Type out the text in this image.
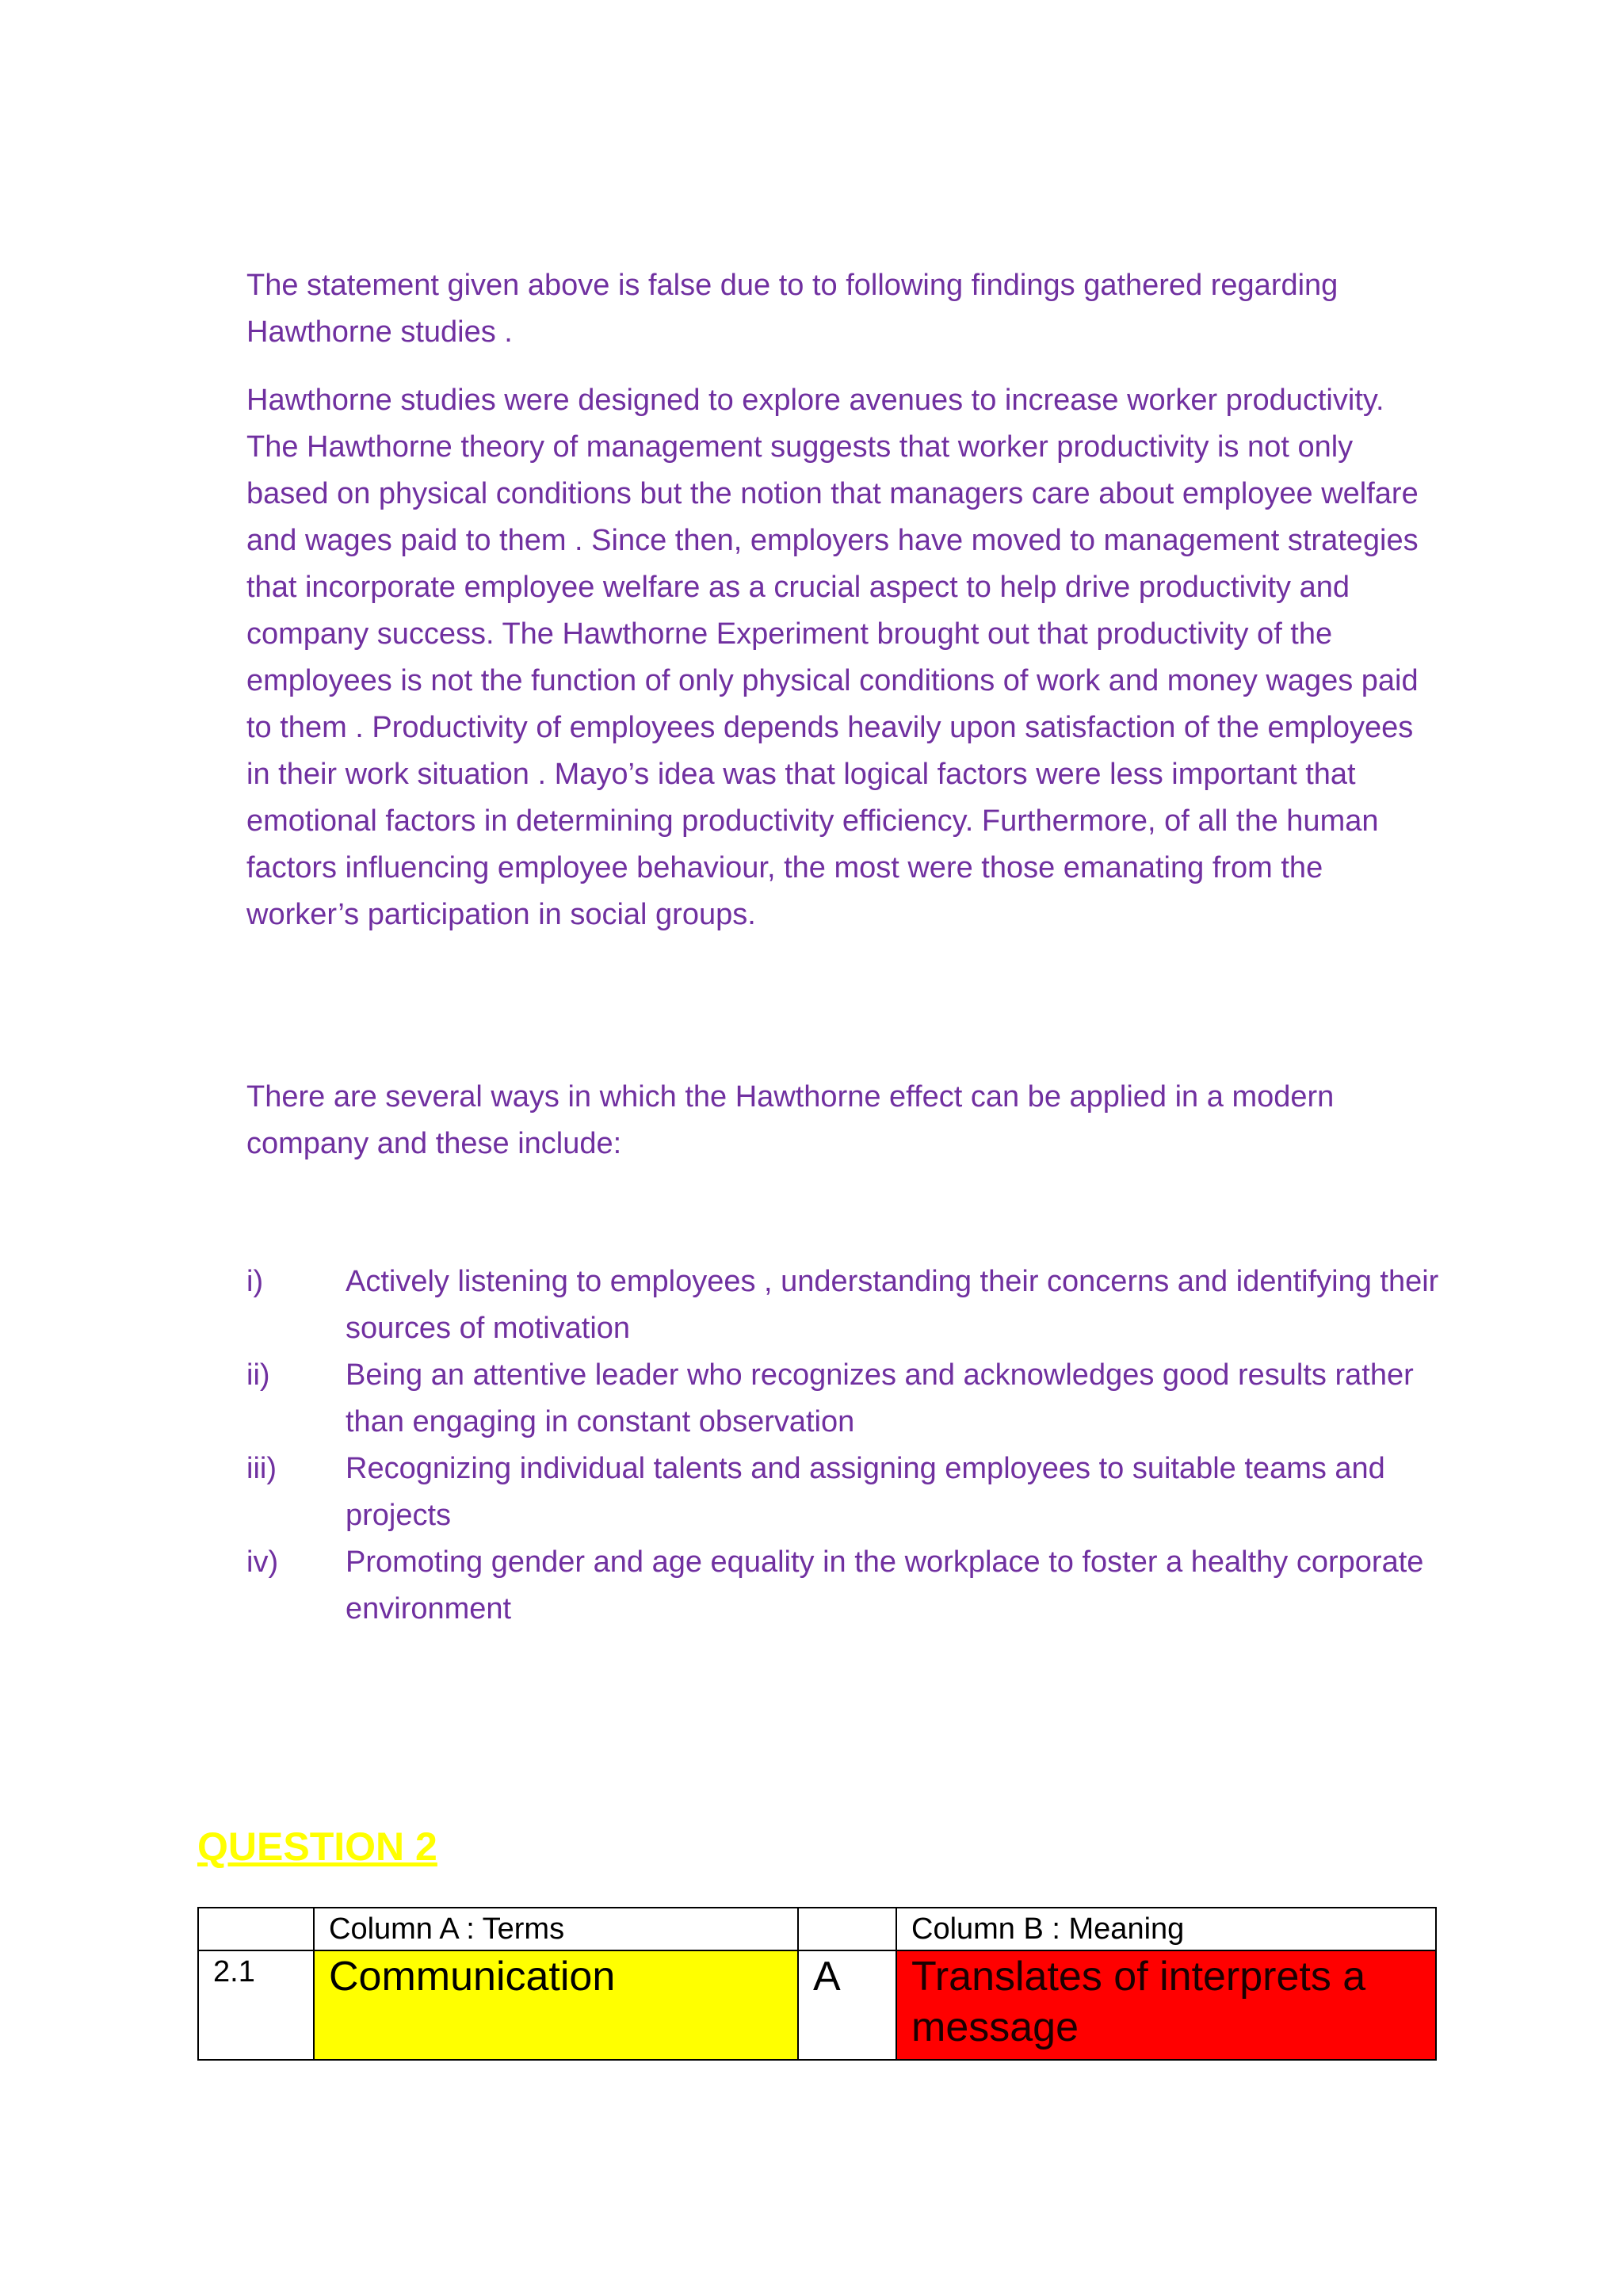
The statement given above is false due to to following findings gathered regarding Hawthorne studies .

Hawthorne studies were designed to explore avenues to increase worker productivity. The Hawthorne theory of management suggests that worker productivity is not only based on physical conditions but the notion that managers care about employee welfare and wages paid to them . Since then, employers have moved to management strategies that incorporate employee welfare as a crucial aspect to help drive productivity and company success. The Hawthorne Experiment brought out that productivity of the employees is not the function of only physical conditions of work and money wages paid to them . Productivity of employees depends heavily upon satisfaction of the employees in their work situation . Mayo’s idea was that logical factors were less important that emotional factors in determining productivity efficiency. Furthermore, of all the human factors influencing employee behaviour, the most were those emanating from the worker’s participation in social groups.

There are several ways in which the Hawthorne effect can be applied in a modern company and these include:

i)	Actively listening to employees , understanding their concerns and identifying their sources of motivation
ii)	Being an attentive leader who recognizes and acknowledges good results rather than engaging in constant observation
iii) Recognizing individual talents and assigning employees to suitable teams and projects
iv) Promoting gender and age equality in the workplace to foster a healthy corporate environment
QUESTION 2
	Column A : Terms		Column B : Meaning
2.1	Communication	A	Translates of interprets a message
